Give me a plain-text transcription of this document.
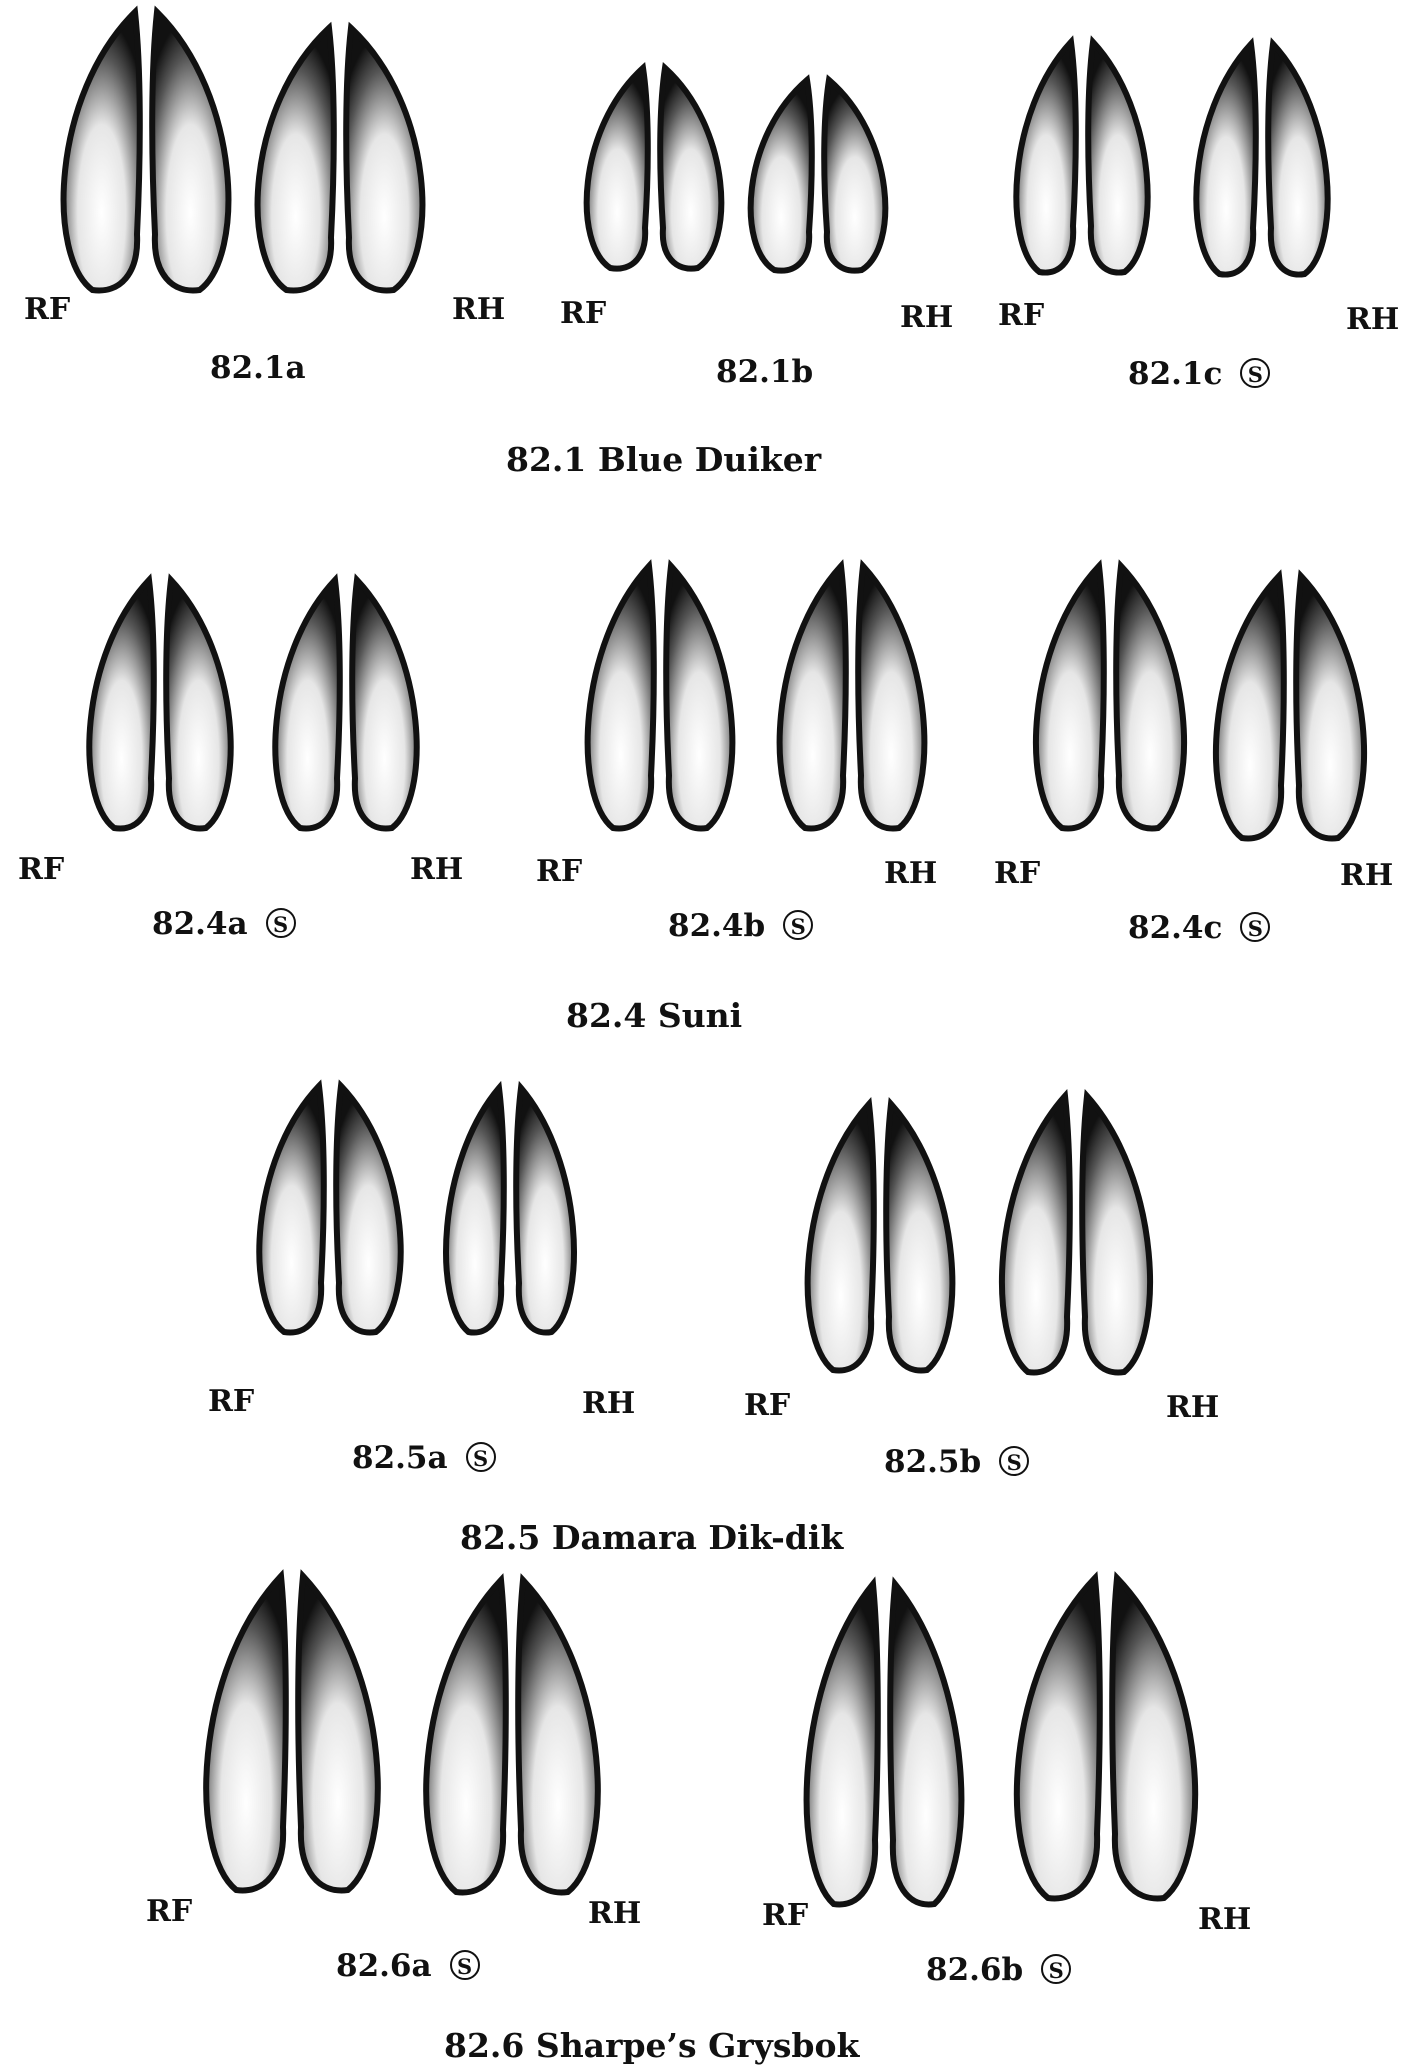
RF	RH
82.1a
RF	RH
82.1b
RF	RH
82.1c S
82.1 Blue Duiker
RF	RH
82.4a S
RF	RH
82.4b S
RF	RH
82.4c S
82.4 Suni
RF	RH
82.5a S
RF	RH
82.5b S
82.5 Damara Dik-dik
RF	RH
82.6a S
RF	RH
82.6b S
82.6 Sharpe’s Grysbok
